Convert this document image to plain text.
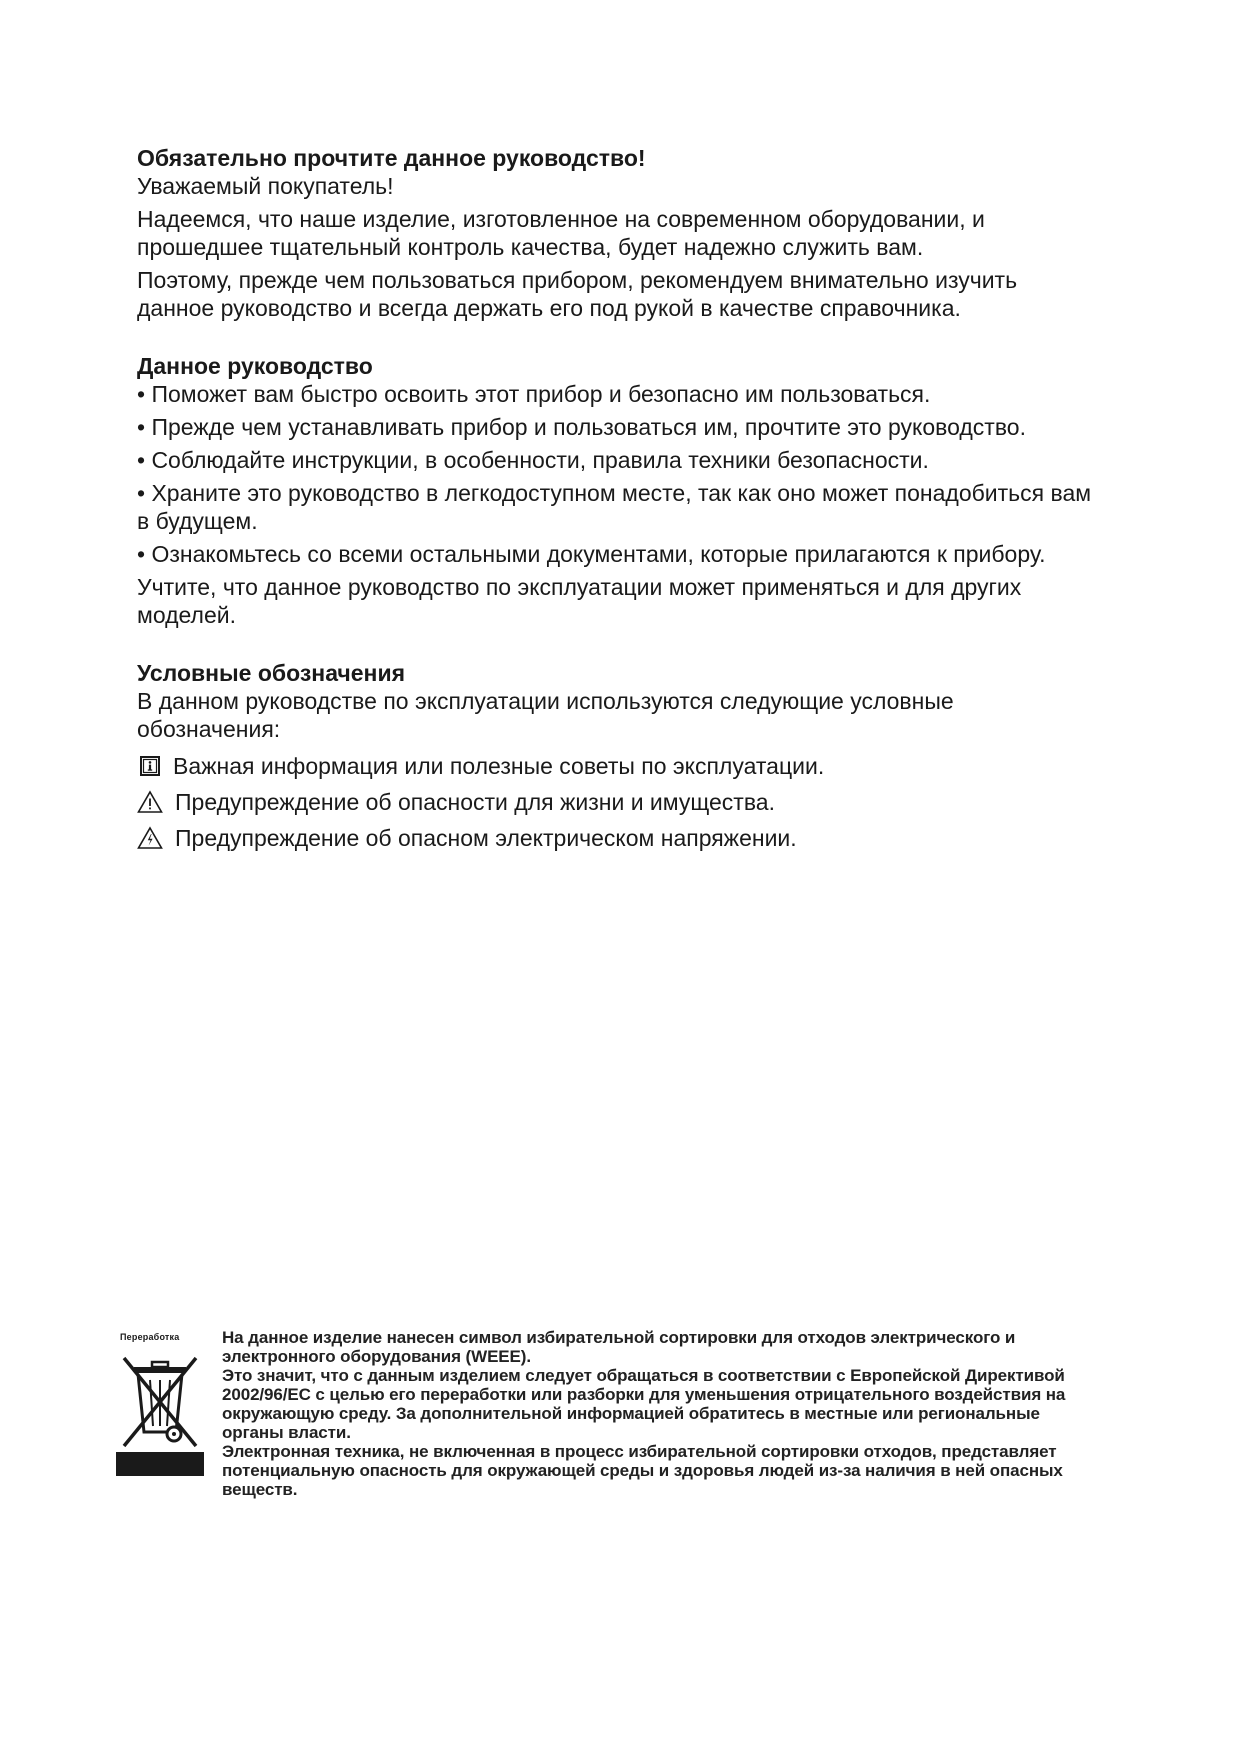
Обязательно прочтите данное руководство!

Уважаемый покупатель!

Надеемся, что наше изделие, изготовленное на современном оборудовании, и прошедшее тщательный контроль качества, будет надежно служить вам.

Поэтому, прежде чем пользоваться прибором, рекомендуем внимательно изучить данное руководство и всегда держать его под рукой в качестве справочника.

Данное руководство

• Поможет вам быстро освоить этот прибор и безопасно им пользоваться.

• Прежде чем устанавливать прибор и пользоваться им, прочтите это руководство.

• Соблюдайте инструкции, в особенности, правила техники безопасности.

• Храните это руководство в легкодоступном месте, так как оно может понадобиться вам в будущем.

• Ознакомьтесь со всеми остальными документами, которые прилагаются к прибору.

Учтите, что данное руководство по эксплуатации может применяться и для других моделей.

Условные обозначения

В данном руководстве по эксплуатации используются следующие условные обозначения:

Важная информация или полезные советы по эксплуатации.
Предупреждение об опасности для жизни и имущества.
Предупреждение об опасном электрическом напряжении.
Переработка	На данное изделие нанесен символ избирательной сортировки для отходов электрического и электронного оборудования (WEEE).

Это значит, что с данным изделием следует обращаться в соответствии с Европейской Директивой 2002/96/ЕС с целью его переработки или разборки для уменьшения отрицательного воздействия на окружающую среду. За дополнительной информацией обратитесь в местные или региональные органы власти.

Электронная техника, не включенная в процесс избирательной сортировки отходов, представляет потенциальную опасность для окружающей среды и здоровья людей из-за наличия в ней опасных веществ.
